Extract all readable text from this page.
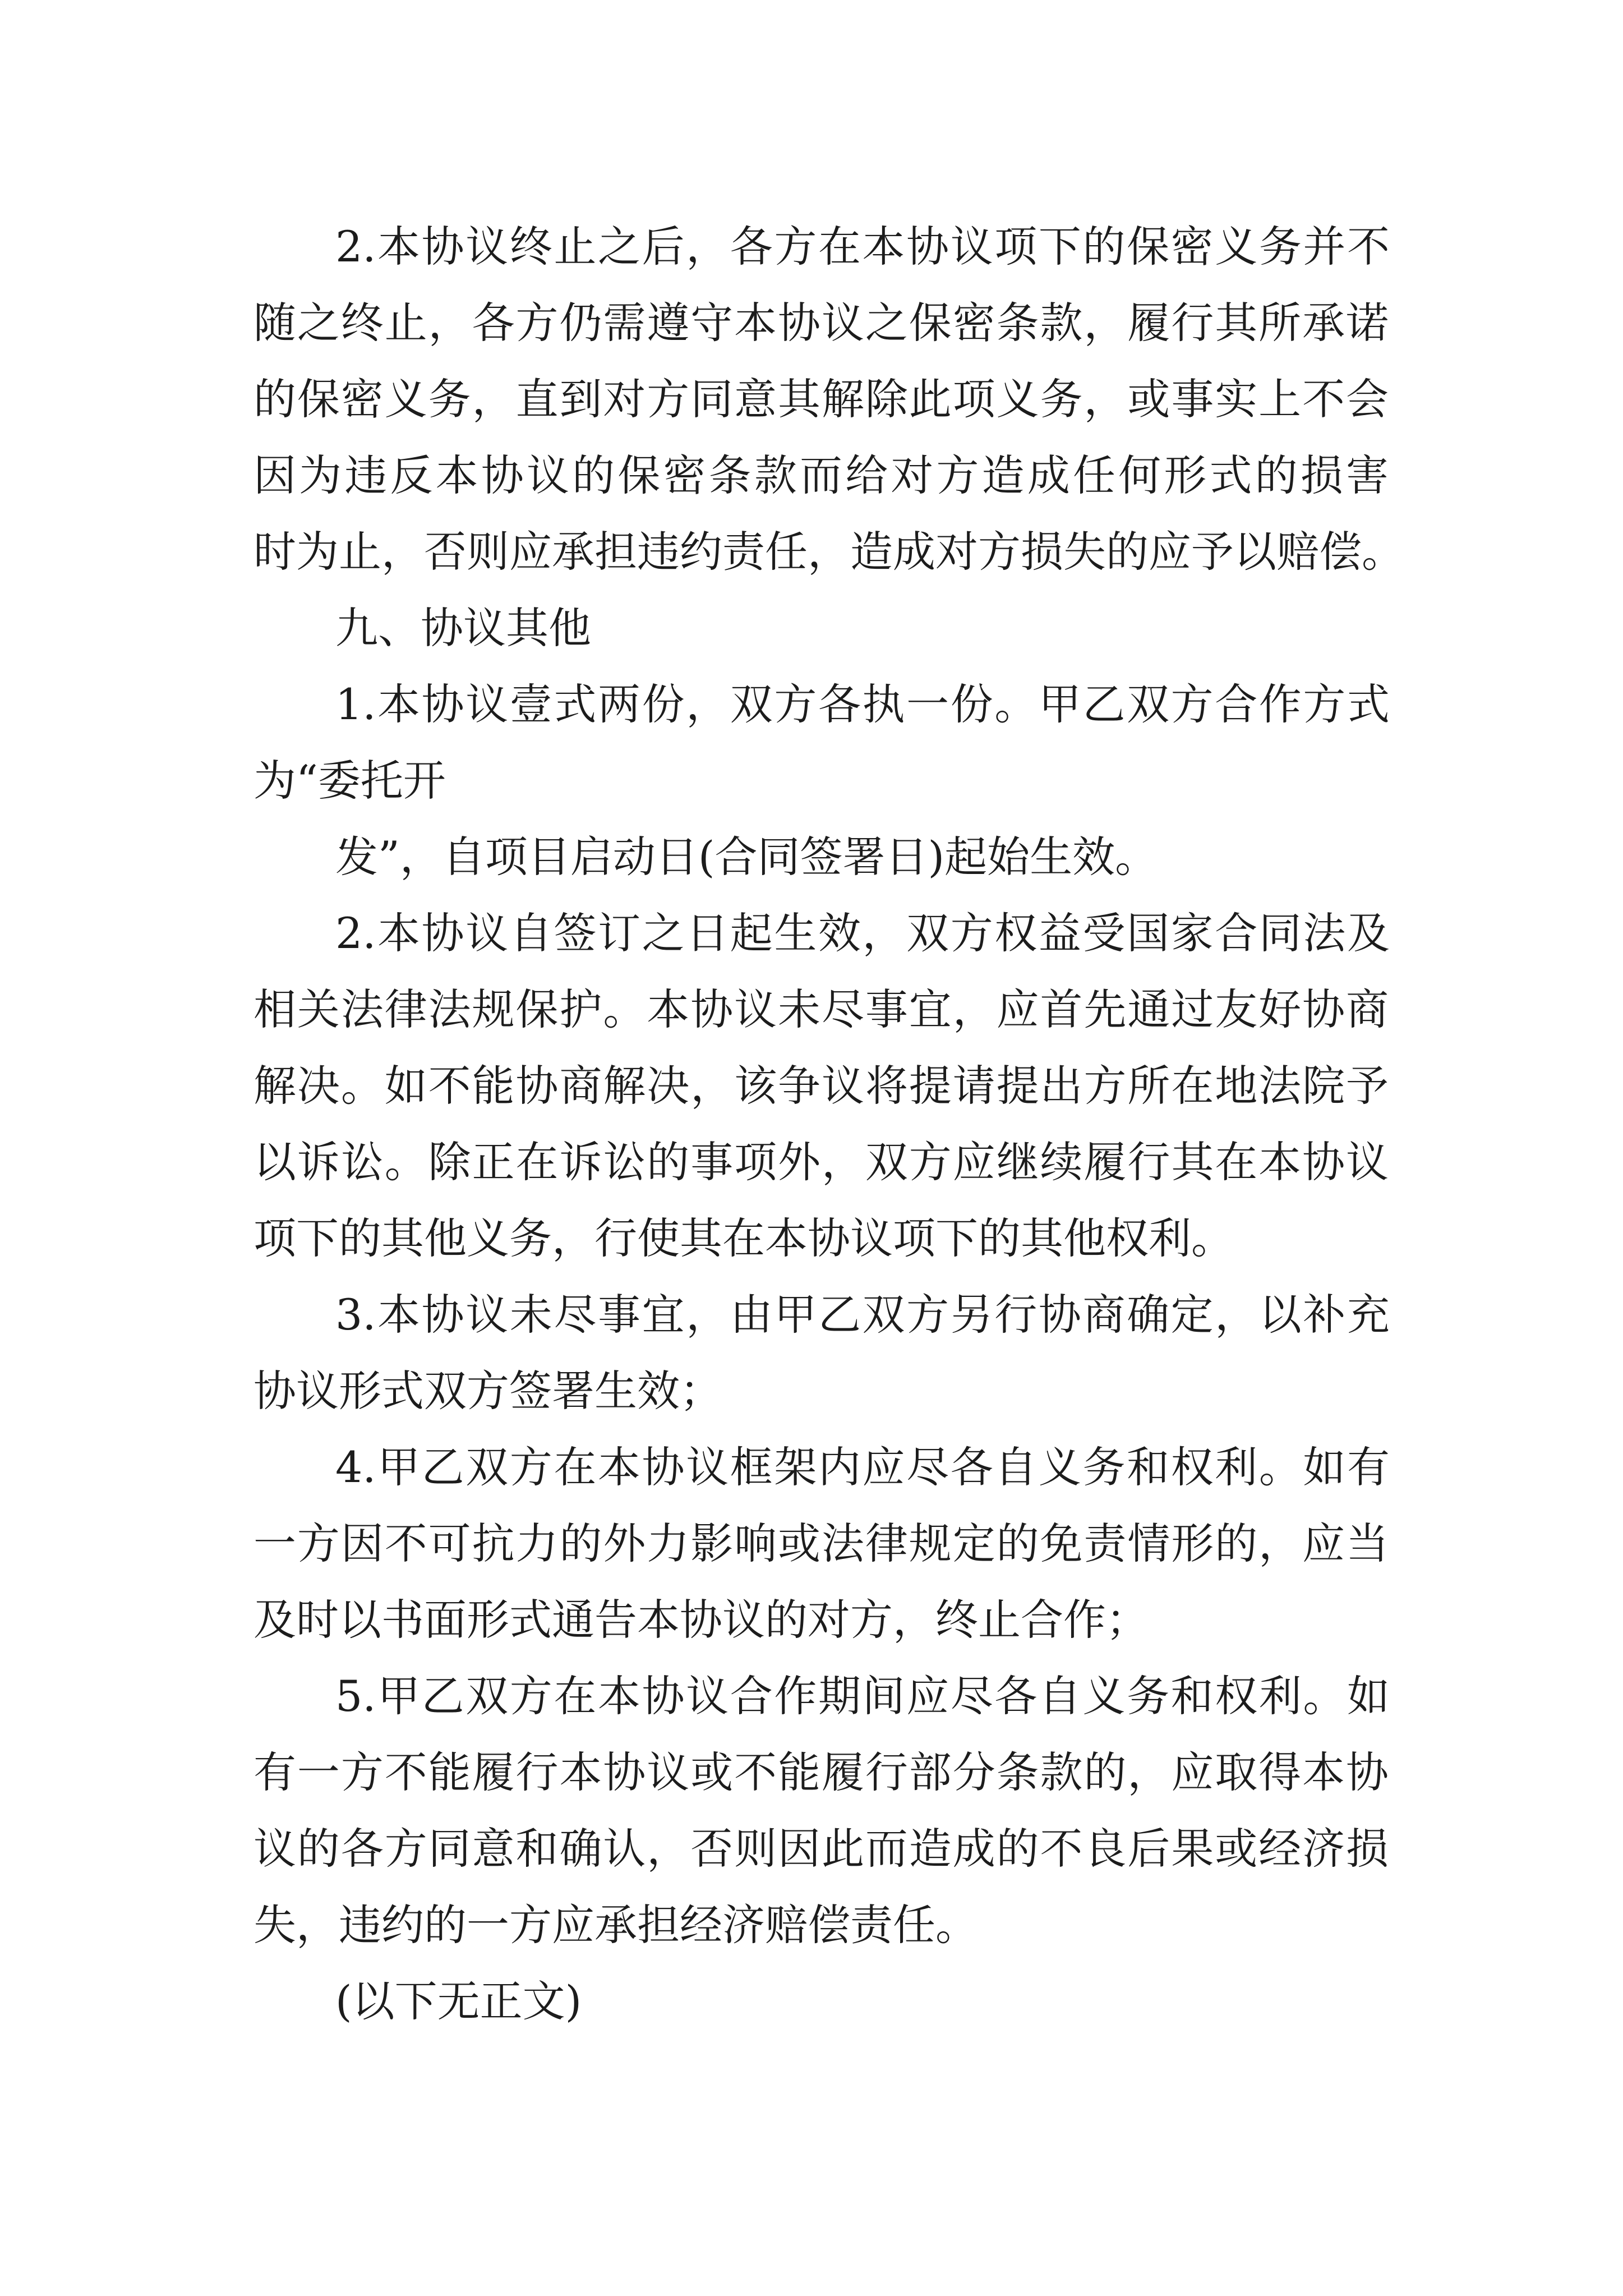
2.本协议终止之后，各方在本协议项下的保密义务并不

随之终止，各方仍需遵守本协议之保密条款，履行其所承诺

的保密义务，直到对方同意其解除此项义务，或事实上不会

因为违反本协议的保密条款而给对方造成任何形式的损害

时为止，否则应承担违约责任，造成对方损失的应予以赔偿。

九、协议其他

1.本协议壹式两份，双方各执一份。甲乙双方合作方式

为“委托开

发”，自项目启动日(合同签署日)起始生效。

2.本协议自签订之日起生效，双方权益受国家合同法及

相关法律法规保护。本协议未尽事宜，应首先通过友好协商

解决。如不能协商解决，该争议将提请提出方所在地法院予

以诉讼。除正在诉讼的事项外，双方应继续履行其在本协议

项下的其他义务，行使其在本协议项下的其他权利。

3.本协议未尽事宜，由甲乙双方另行协商确定，以补充

协议形式双方签署生效；

4.甲乙双方在本协议框架内应尽各自义务和权利。如有

一方因不可抗力的外力影响或法律规定的免责情形的，应当

及时以书面形式通告本协议的对方，终止合作；

5.甲乙双方在本协议合作期间应尽各自义务和权利。如

有一方不能履行本协议或不能履行部分条款的，应取得本协

议的各方同意和确认，否则因此而造成的不良后果或经济损

失，违约的一方应承担经济赔偿责任。

(以下无正文)
